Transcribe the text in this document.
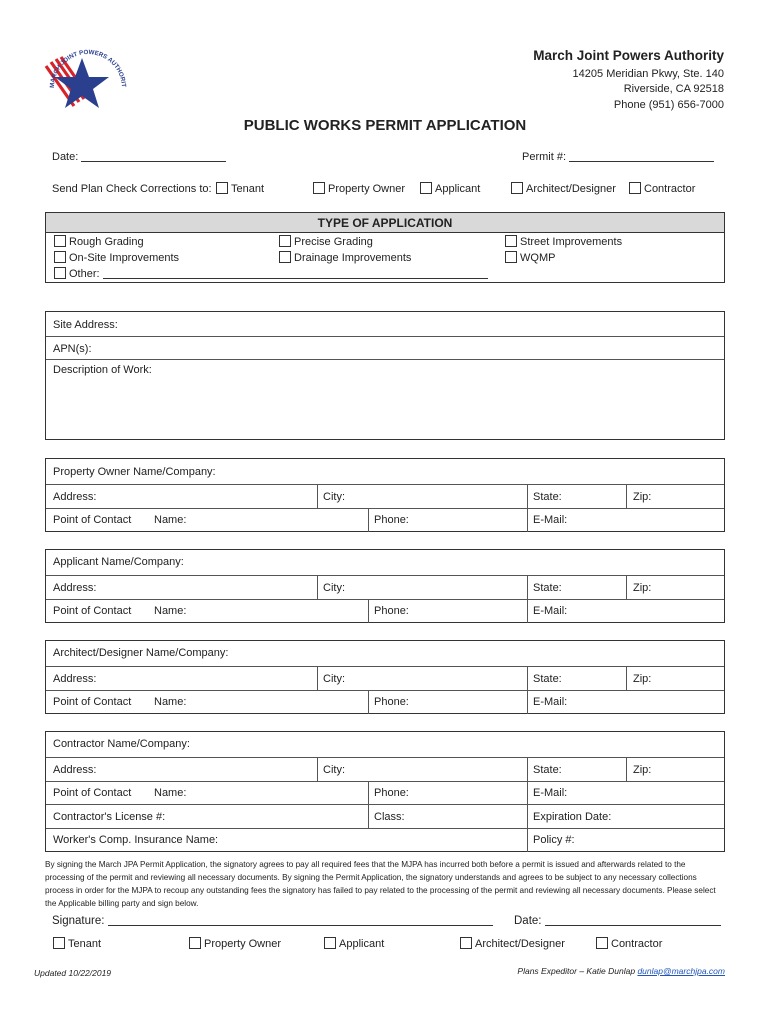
MARCH JOINT POWERS AUTHORIT
March Joint Powers Authority
14205 Meridian Pkwy, Ste. 140
Riverside, CA 92518
Phone (951) 656-7000
PUBLIC WORKS PERMIT APPLICATION
Date:	Permit #:
Send Plan Check Corrections to:	Tenant	Property Owner	Applicant	Architect/Designer	Contractor
TYPE OF APPLICATION
Rough Grading	Precise Grading	Street Improvements
On-Site Improvements	Drainage Improvements	WQMP
Other:
Site Address:
APN(s):
Description of Work:
Property Owner Name/Company:
Address:	City:	State:	Zip:
Point of Contact Name:	Phone:	E-Mail:
Applicant Name/Company:
Address:	City:	State:	Zip:
Point of Contact Name:	Phone:	E-Mail:
Architect/Designer Name/Company:
Address:	City:	State:	Zip:
Point of Contact Name:	Phone:	E-Mail:
Contractor Name/Company:
Address:	City:	State:	Zip:
Point of Contact Name:	Phone:	E-Mail:
Contractor's License #:	Class:	Expiration Date:
Worker's Comp. Insurance Name:	Policy #:
By signing the March JPA Permit Application, the signatory agrees to pay all required fees that the MJPA has incurred both before a permit is issued and afterwards related to the processing of the permit and reviewing all necessary documents. By signing the Permit Application, the signatory understands and agrees to be subject to any necessary collections process in order for the MJPA to recoup any outstanding fees the signatory has failed to pay related to the processing of the permit and reviewing all necessary documents. Please select the Applicable billing party and sign below.
Signature:	Date:
Tenant	Property Owner	Applicant	Architect/Designer	Contractor
Updated 10/22/2019	Plans Expeditor – Katie Dunlap dunlap@marchjpa.com
